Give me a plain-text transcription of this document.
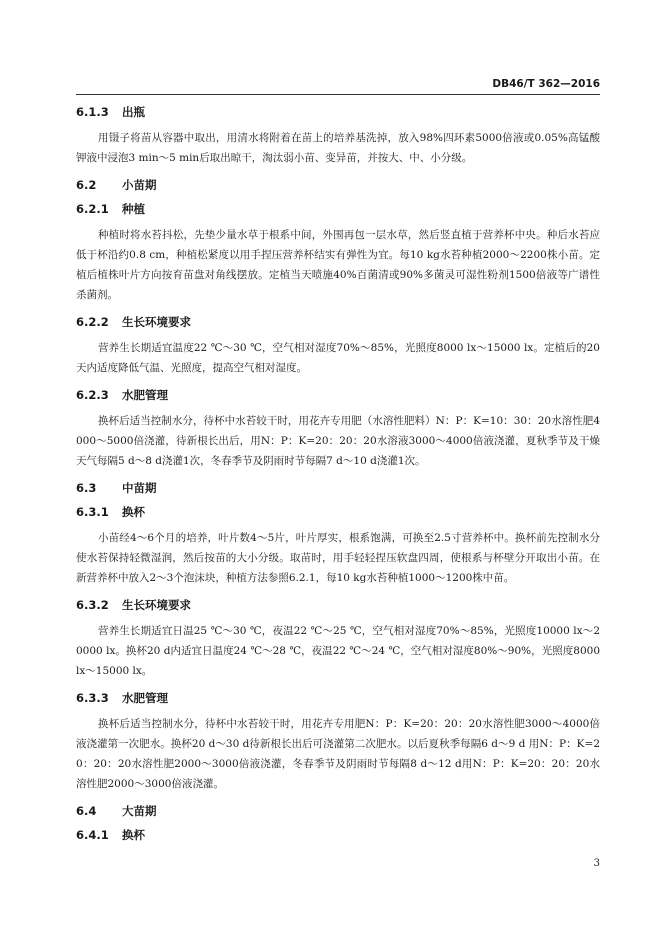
DB46/T 362—2016
6.1.3 出瓶

用镊子将苗从容器中取出，用清水将附着在苗上的培养基洗掉，放入98%四环素5000倍液或0.05%高锰酸钾液中浸泡3 min～5 min后取出晾干，淘汰弱小苗、变异苗，并按大、中、小分级。

6.2 小苗期
6.2.1 种植

种植时将水苔抖松，先垫少量水草于根系中间，外围再包一层水草，然后竖直植于营养杯中央。种后水苔应低于杯沿约0.8 cm，种植松紧度以用手捏压营养杯结实有弹性为宜。每10 kg水苔种植2000～2200株小苗。定植后植株叶片方向按育苗盘对角线摆放。定植当天喷施40%百菌清或90%多菌灵可湿性粉剂1500倍液等广谱性杀菌剂。

6.2.2 生长环境要求

营养生长期适宜温度22 ℃～30 ℃，空气相对湿度70%～85%，光照度8000 lx～15000 lx。定植后的20天内适度降低气温、光照度，提高空气相对湿度。

6.2.3 水肥管理

换杯后适当控制水分，待杯中水苔较干时，用花卉专用肥（水溶性肥料）N：P：K=10：30：20水溶性肥4000～5000倍浇灌，待新根长出后，用N：P：K=20：20：20水溶液3000～4000倍液浇灌，夏秋季节及干燥天气每隔5 d～8 d浇灌1次，冬春季节及阴雨时节每隔7 d～10 d浇灌1次。

6.3 中苗期
6.3.1 换杯

小苗经4～6个月的培养，叶片数4～5片，叶片厚实，根系饱满，可换至2.5寸营养杯中。换杯前先控制水分使水苔保持轻微湿润，然后按苗的大小分级。取苗时，用手轻轻捏压软盘四周，使根系与杯壁分开取出小苗。在新营养杯中放入2～3个泡沫块，种植方法参照6.2.1，每10 kg水苔种植1000～1200株中苗。

6.3.2 生长环境要求

营养生长期适宜日温25 ℃～30 ℃，夜温22 ℃～25 ℃，空气相对湿度70%～85%，光照度10000 lx～20000 lx。换杯20 d内适宜日温度24 ℃～28 ℃，夜温22 ℃～24 ℃，空气相对湿度80%～90%，光照度8000 lx～15000 lx。

6.3.3 水肥管理

换杯后适当控制水分，待杯中水苔较干时，用花卉专用肥N：P：K=20：20：20水溶性肥3000～4000倍液浇灌第一次肥水。换杯20 d～30 d待新根长出后可浇灌第二次肥水。以后夏秋季每隔6 d～9 d 用N：P：K=20：20：20水溶性肥2000～3000倍液浇灌，冬春季节及阴雨时节每隔8 d～12 d用N：P：K=20：20：20水溶性肥2000～3000倍液浇灌。

6.4 大苗期
6.4.1 换杯
3
